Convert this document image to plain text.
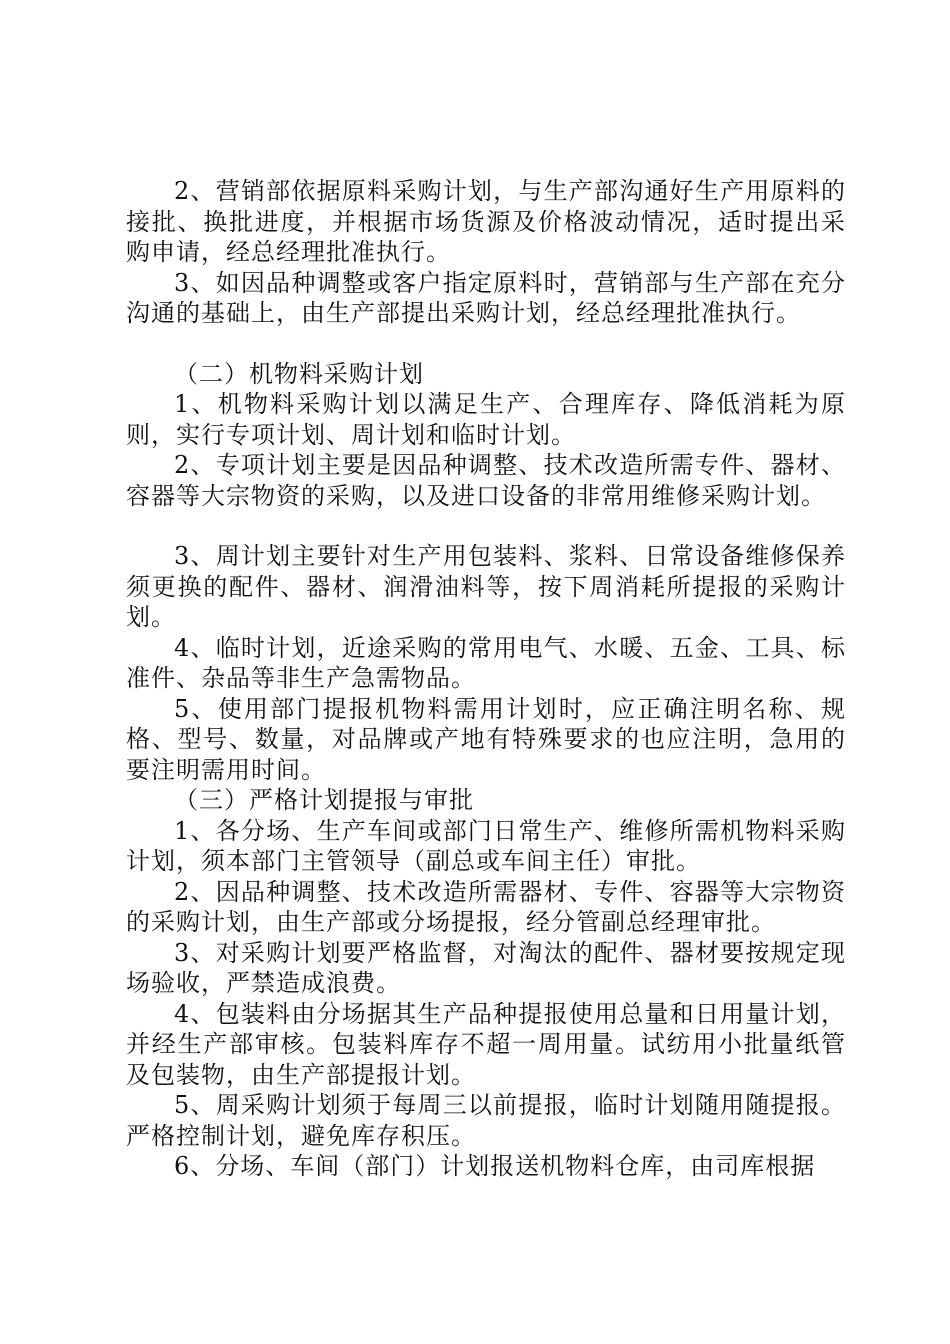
2、营销部依据原料采购计划，与生产部沟通好生产用原料的接批、换批进度，并根据市场货源及价格波动情况，适时提出采购申请，经总经理批准执行。

3、如因品种调整或客户指定原料时，营销部与生产部在充分沟通的基础上，由生产部提出采购计划，经总经理批准执行。

（二）机物料采购计划

1、机物料采购计划以满足生产、合理库存、降低消耗为原则，实行专项计划、周计划和临时计划。

2、专项计划主要是因品种调整、技术改造所需专件、器材、容器等大宗物资的采购，以及进口设备的非常用维修采购计划。

3、周计划主要针对生产用包装料、浆料、日常设备维修保养须更换的配件、器材、润滑油料等，按下周消耗所提报的采购计划。

4、临时计划，近途采购的常用电气、水暖、五金、工具、标准件、杂品等非生产急需物品。

5、使用部门提报机物料需用计划时，应正确注明名称、规格、型号、数量，对品牌或产地有特殊要求的也应注明，急用的要注明需用时间。

（三）严格计划提报与审批

1、各分场、生产车间或部门日常生产、维修所需机物料采购计划，须本部门主管领导（副总或车间主任）审批。

2、因品种调整、技术改造所需器材、专件、容器等大宗物资的采购计划，由生产部或分场提报，经分管副总经理审批。

3、对采购计划要严格监督，对淘汰的配件、器材要按规定现场验收，严禁造成浪费。

4、包装料由分场据其生产品种提报使用总量和日用量计划，并经生产部审核。包装料库存不超一周用量。试纺用小批量纸管及包装物，由生产部提报计划。

5、周采购计划须于每周三以前提报，临时计划随用随提报。严格控制计划，避免库存积压。

6、分场、车间（部门）计划报送机物料仓库，由司库根据
